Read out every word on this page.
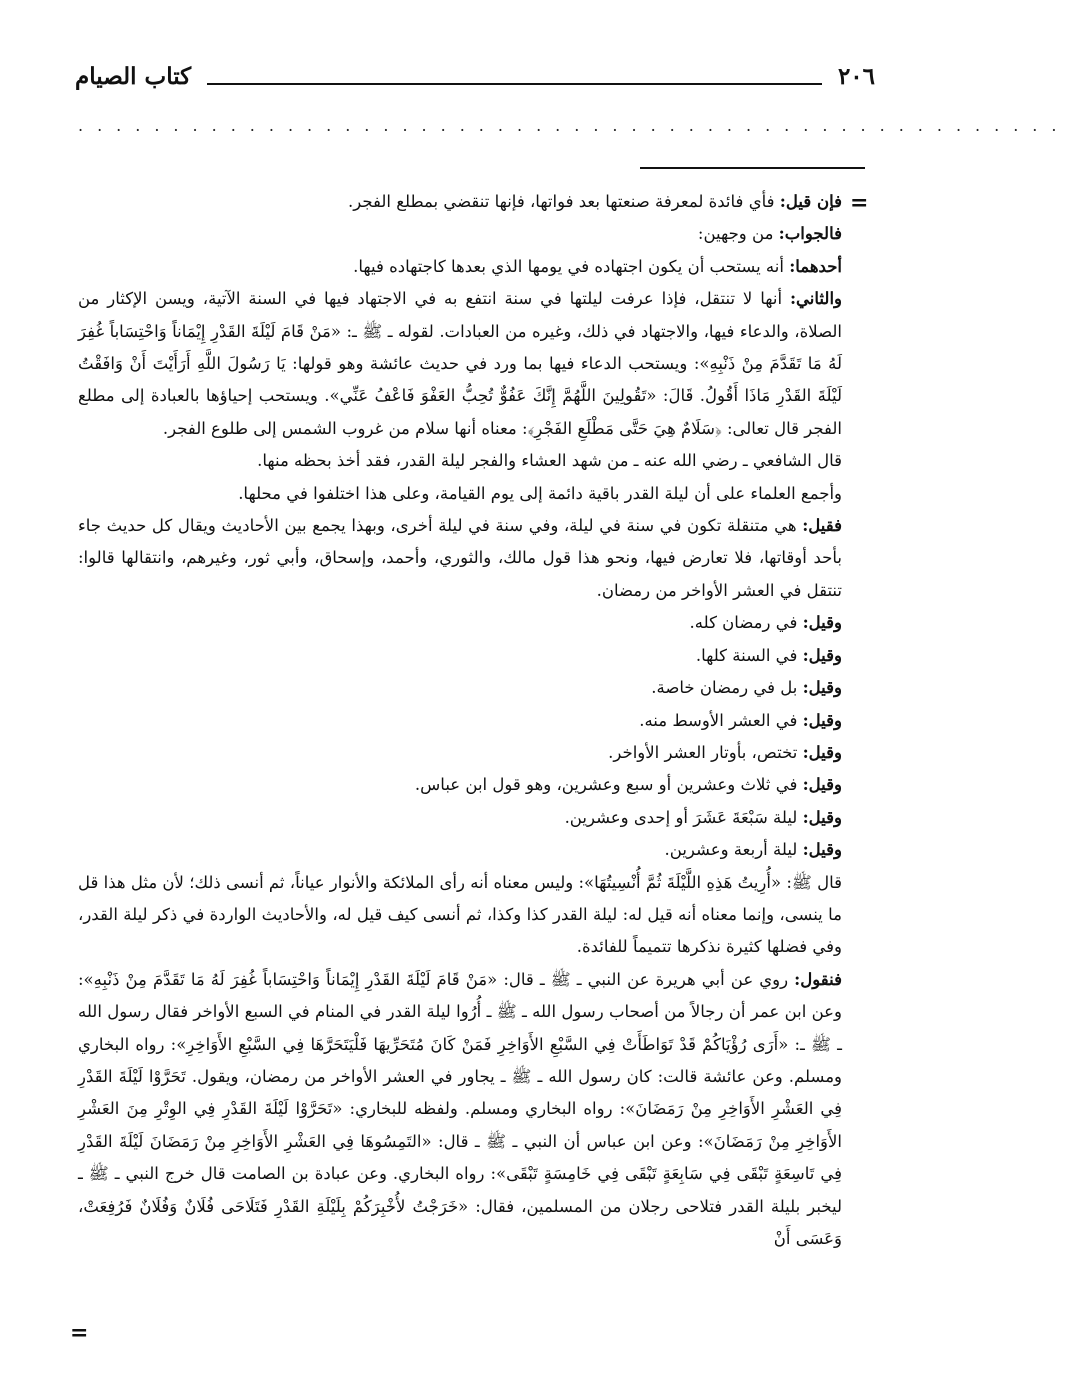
٢٠٦
كتاب الصيام
....................................................
=
=

فإن قيل: فأي فائدة لمعرفة صنعتها بعد فواتها، فإنها تنقضي بمطلع الفجر.

فالجواب: من وجهين:

أحدهما: أنه يستحب أن يكون اجتهاده في يومها الذي بعدها كاجتهاده فيها.

والثاني: أنها لا تنتقل، فإذا عرفت ليلتها في سنة انتفع به في الاجتهاد فيها في السنة الآتية، ويسن الإكثار من الصلاة، والدعاء فيها، والاجتهاد في ذلك، وغيره من العبادات. لقوله ـ ﷺ ـ: «مَنْ قَامَ لَيْلَةَ القَدْرِ إِيْمَاناً وَاحْتِسَاباً غُفِرَ لَهُ مَا تَقَدَّمَ مِنْ ذَنْبِهِ»: ويستحب الدعاء فيها بما ورد في حديث عائشة وهو قولها: يَا رَسُولَ اللَّهِ أَرَأَيْتَ أَنْ وَافَقْتُ لَيْلَةَ القَدْرِ مَاذَا أَقُولُ. قَالَ: «تَقُولِينَ اللَّهُمَّ إِنَّكَ عَفُوٌّ تُحِبُّ العَفْوَ فَاعْفُ عَنِّي». ويستحب إحياؤها بالعبادة إلى مطلع الفجر قال تعالى: ﴿سَلَامٌ هِيَ حَتَّى مَطْلَعِ الفَجْرِ﴾: معناه أنها سلام من غروب الشمس إلى طلوع الفجر.

قال الشافعي ـ رضي الله عنه ـ من شهد العشاء والفجر ليلة القدر، فقد أخذ بحظه منها.

وأجمع العلماء على أن ليلة القدر باقية دائمة إلى يوم القيامة، وعلى هذا اختلفوا في محلها.

فقيل: هي متنقلة تكون في سنة في ليلة، وفي سنة في ليلة أخرى، وبهذا يجمع بين الأحاديث ويقال كل حديث جاء بأحد أوقاتها، فلا تعارض فيها، ونحو هذا قول مالك، والثوري، وأحمد، وإسحاق، وأبي ثور، وغيرهم، وانتقالها قالوا: تنتقل في العشر الأواخر من رمضان.

وقيل: في رمضان كله.

وقيل: في السنة كلها.

وقيل: بل في رمضان خاصة.

وقيل: في العشر الأوسط منه.

وقيل: تختص، بأوتار العشر الأواخر.

وقيل: في ثلاث وعشرين أو سبع وعشرين، وهو قول ابن عباس.

وقيل: ليلة سَبْعَةَ عَشَرَ أو إحدى وعشرين.

وقيل: ليلة أربعة وعشرين.

قال ﷺ: «أُرِيتُ هَذِهِ اللَّيْلَةَ ثُمَّ أُنْسِيتُهَا»: وليس معناه أنه رأى الملائكة والأنوار عياناً، ثم أنسى ذلك؛ لأن مثل هذا قل ما ينسى، وإنما معناه أنه قيل له: ليلة القدر كذا وكذا، ثم أنسى كيف قيل له، والأحاديث الواردة في ذكر ليلة القدر، وفي فضلها كثيرة نذكرها تتميماً للفائدة.

فنقول: روي عن أبي هريرة عن النبي ـ ﷺ ـ قال: «مَنْ قَامَ لَيْلَةَ القَدْرِ إِيْمَاناً وَاحْتِسَاباً غُفِرَ لَهُ مَا تَقَدَّمَ مِنْ ذَنْبِهِ»: وعن ابن عمر أن رجالاً من أصحاب رسول الله ـ ﷺ ـ أُرُوا ليلة القدر في المنام في السبع الأواخر فقال رسول الله ـ ﷺ ـ: «أَرَى رُؤْيَاكُمْ قَدْ تَوَاطَأَتْ فِي السَّبْعِ الأَوَاخِرِ فَمَنْ كَانَ مُتَحَرِّيهَا فَلْيَتَحَرَّهَا فِي السَّبْعِ الأَوَاخِرِ»: رواه البخاري ومسلم. وعن عائشة قالت: كان رسول الله ـ ﷺ ـ يجاور في العشر الأواخر من رمضان، ويقول. تَحَرَّوْا لَيْلَةَ القَدْرِ فِي العَشْرِ الأَوَاخِرِ مِنْ رَمَضَانَ»: رواه البخاري ومسلم. ولفظه للبخاري: «تَحَرَّوْا لَيْلَةَ القَدْرِ فِي الوِتْرِ مِنَ العَشْرِ الأَوَاخِرِ مِنْ رَمَضَانَ»: وعن ابن عباس أن النبي ـ ﷺ ـ قال: «التَمِسُوهَا فِي العَشْرِ الأَوَاخِرِ مِنْ رَمَضَانَ لَيْلَةَ القَدْرِ فِي تَاسِعَةٍ تَبْقَى فِي سَابِعَةٍ تَبْقَى فِي خَامِسَةٍ تَبْقَى»: رواه البخاري. وعن عبادة بن الصامت قال خرج النبي ـ ﷺ ـ ليخبر بليلة القدر فتلاحى رجلان من المسلمين، فقال: «خَرَجْتُ لأُخْبِرَكُمْ بِلَيْلَةِ القَدْرِ فَتَلَاحَى فُلَانٌ وَفُلَانٌ فَرُفِعَتْ، وَعَسَى أَنْ
